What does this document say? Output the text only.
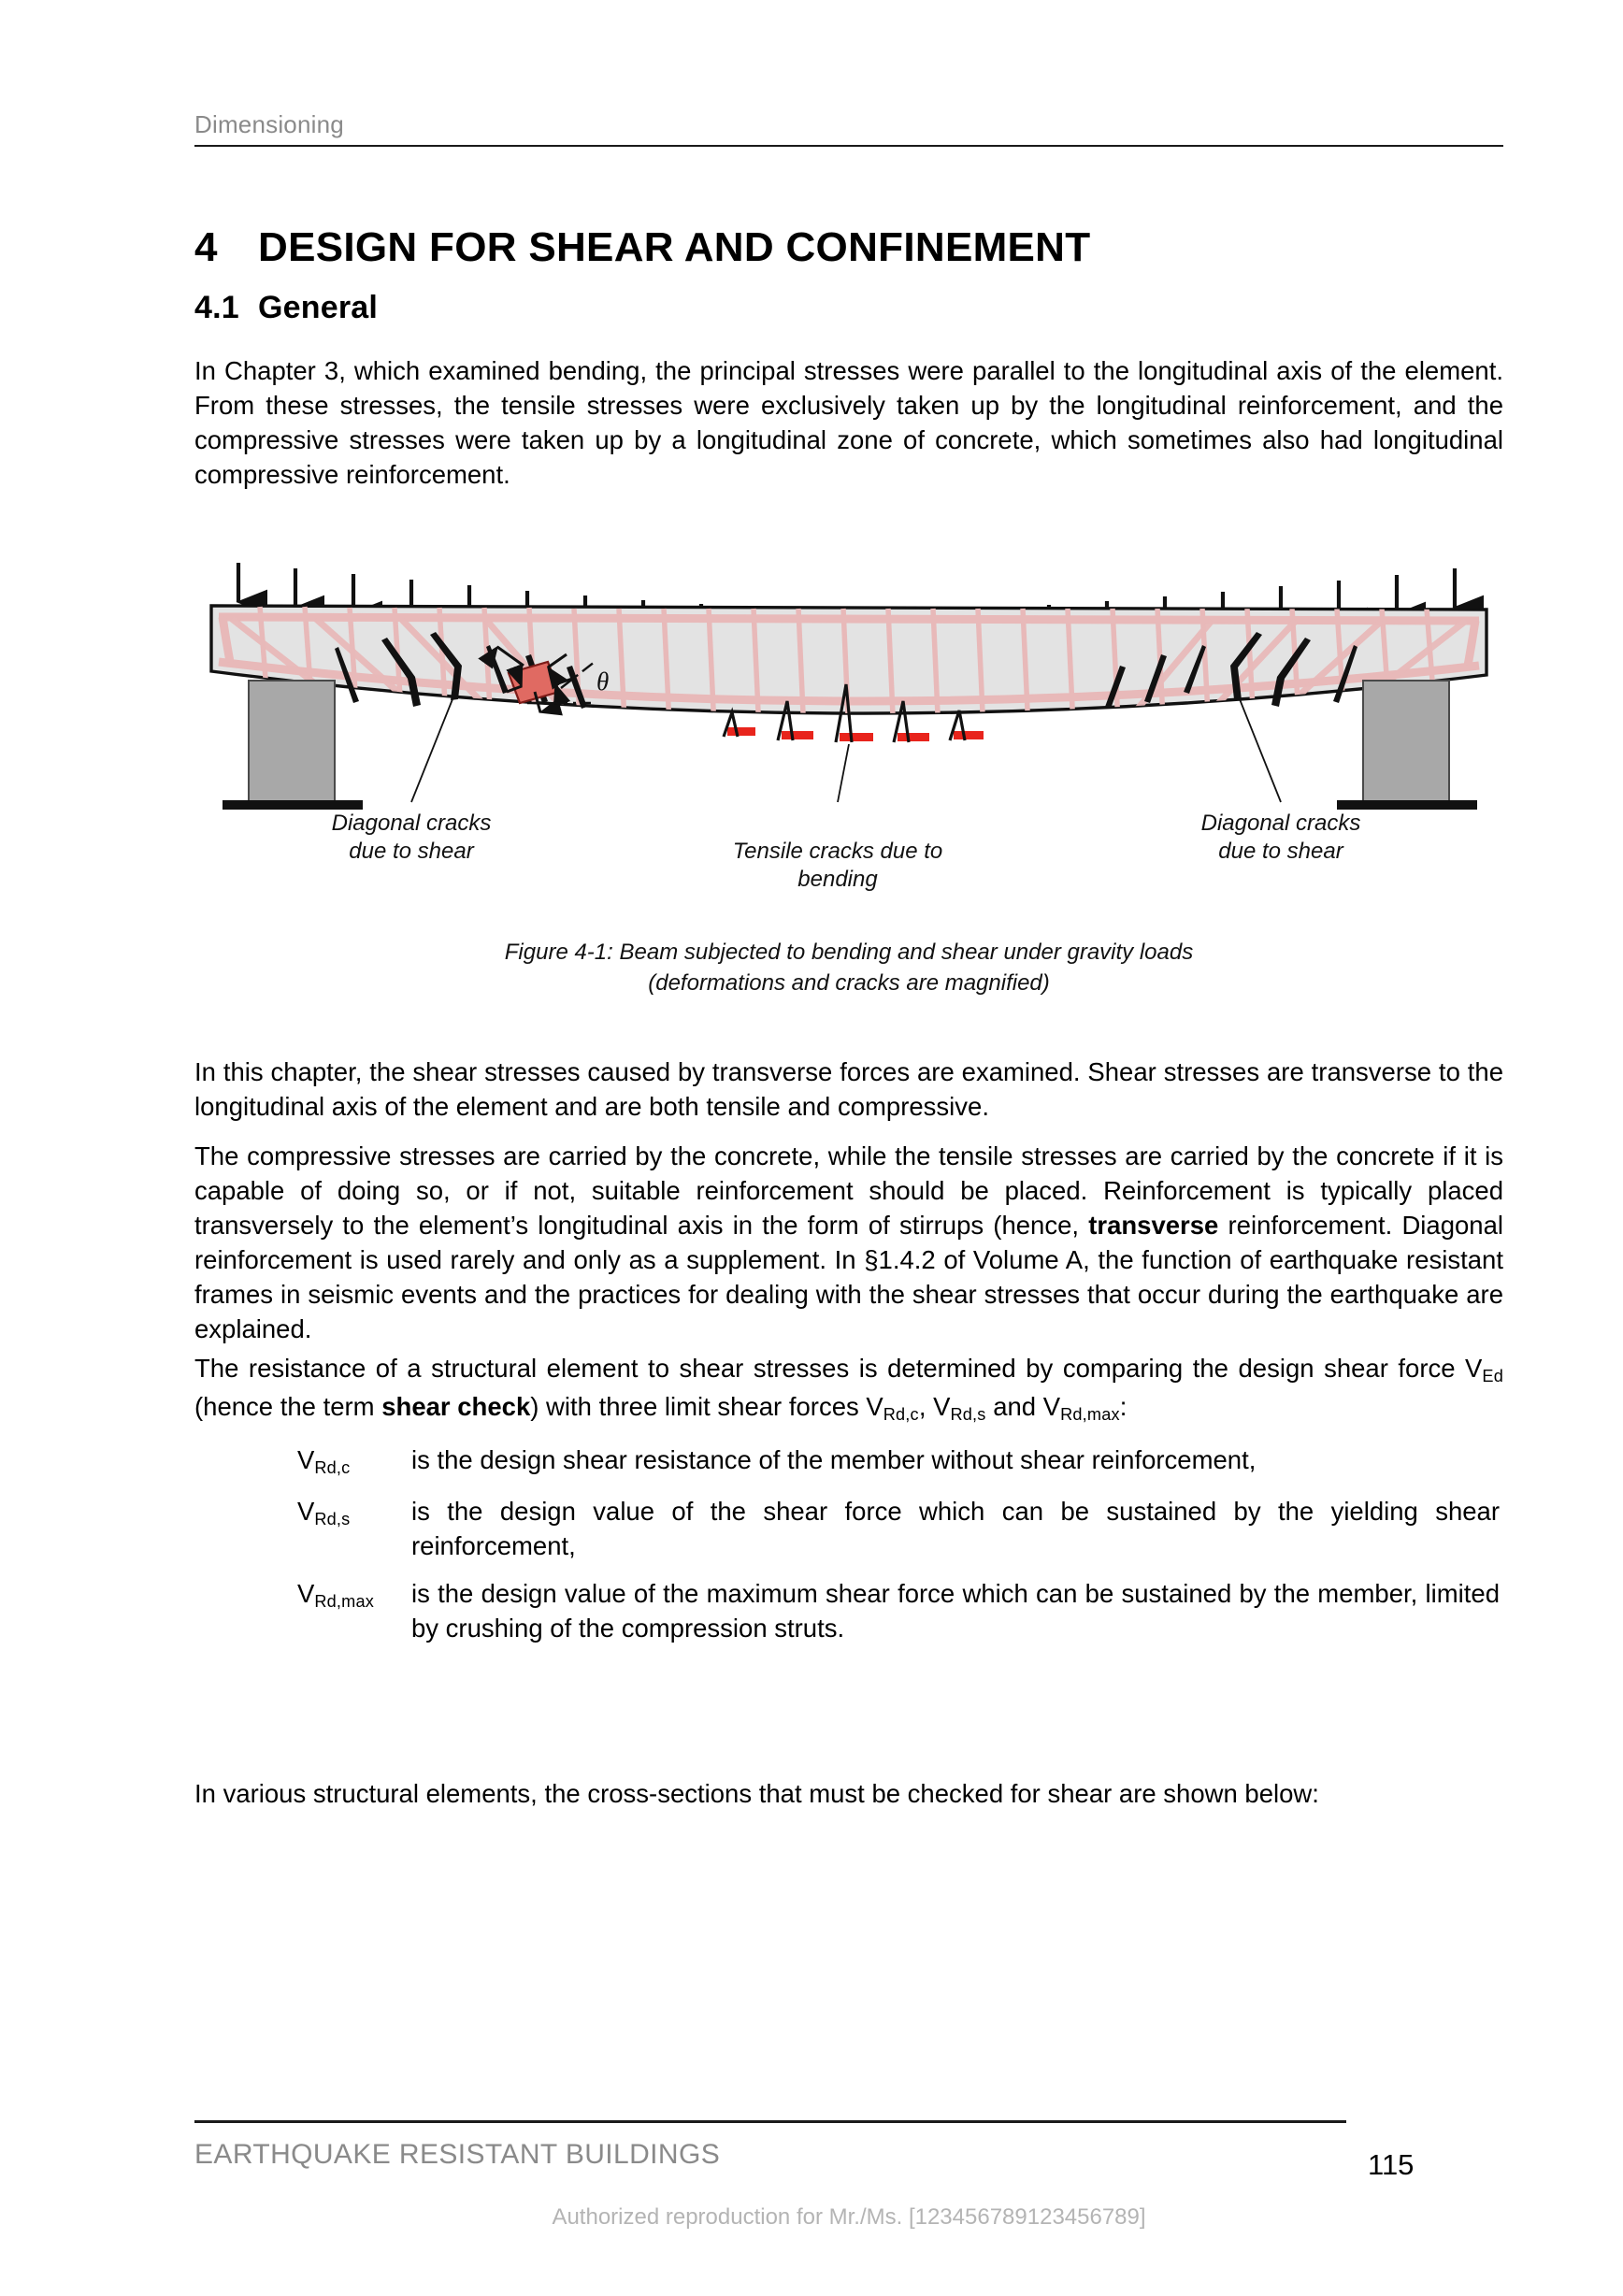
Dimensioning
4 DESIGN FOR SHEAR AND CONFINEMENT
4.1 General
In Chapter 3, which examined bending, the principal stresses were parallel to the longitudinal axis of the element. From these stresses, the tensile stresses were exclusively taken up by the longitudinal reinforcement, and the compressive stresses were taken up by a longitudinal zone of concrete, which sometimes also had longitudinal compressive reinforcement.
θ
Diagonal cracks
due to shear	Tensile cracks due to
bending
Diagonal cracks
due to shear
Figure 4-1: Beam subjected to bending and shear under gravity loads
(deformations and cracks are magnified)
In this chapter, the shear stresses caused by transverse forces are examined. Shear stresses are transverse to the longitudinal axis of the element and are both tensile and compressive.
The compressive stresses are carried by the concrete, while the tensile stresses are carried by the concrete if it is capable of doing so, or if not, suitable reinforcement should be placed. Reinforcement is typically placed transversely to the element’s longitudinal axis in the form of stirrups (hence, transverse reinforcement. Diagonal reinforcement is used rarely and only as a supplement. In §1.4.2 of Volume A, the function of earthquake resistant frames in seismic events and the practices for dealing with the shear stresses that occur during the earthquake are explained.
The resistance of a structural element to shear stresses is determined by comparing the design shear force $V_{Ed}$ (hence the term shear check) with three limit shear forces $V_{Rd,c}$, $V_{Rd,s}$ and $V_{Rd,max}$:
$V_{Rd,c}$	is the design shear resistance of the member without shear reinforcement,
$V_{Rd,s}$	is the design value of the shear force which can be sustained by the yielding shear reinforcement,
$V_{Rd,max}$	is the design value of the maximum shear force which can be sustained by the member, limited by crushing of the compression struts.
In various structural elements, the cross-sections that must be checked for shear are shown below:
EARTHQUAKE RESISTANT BUILDINGS	115
Authorized reproduction for Mr./Ms. [123456789123456789]
